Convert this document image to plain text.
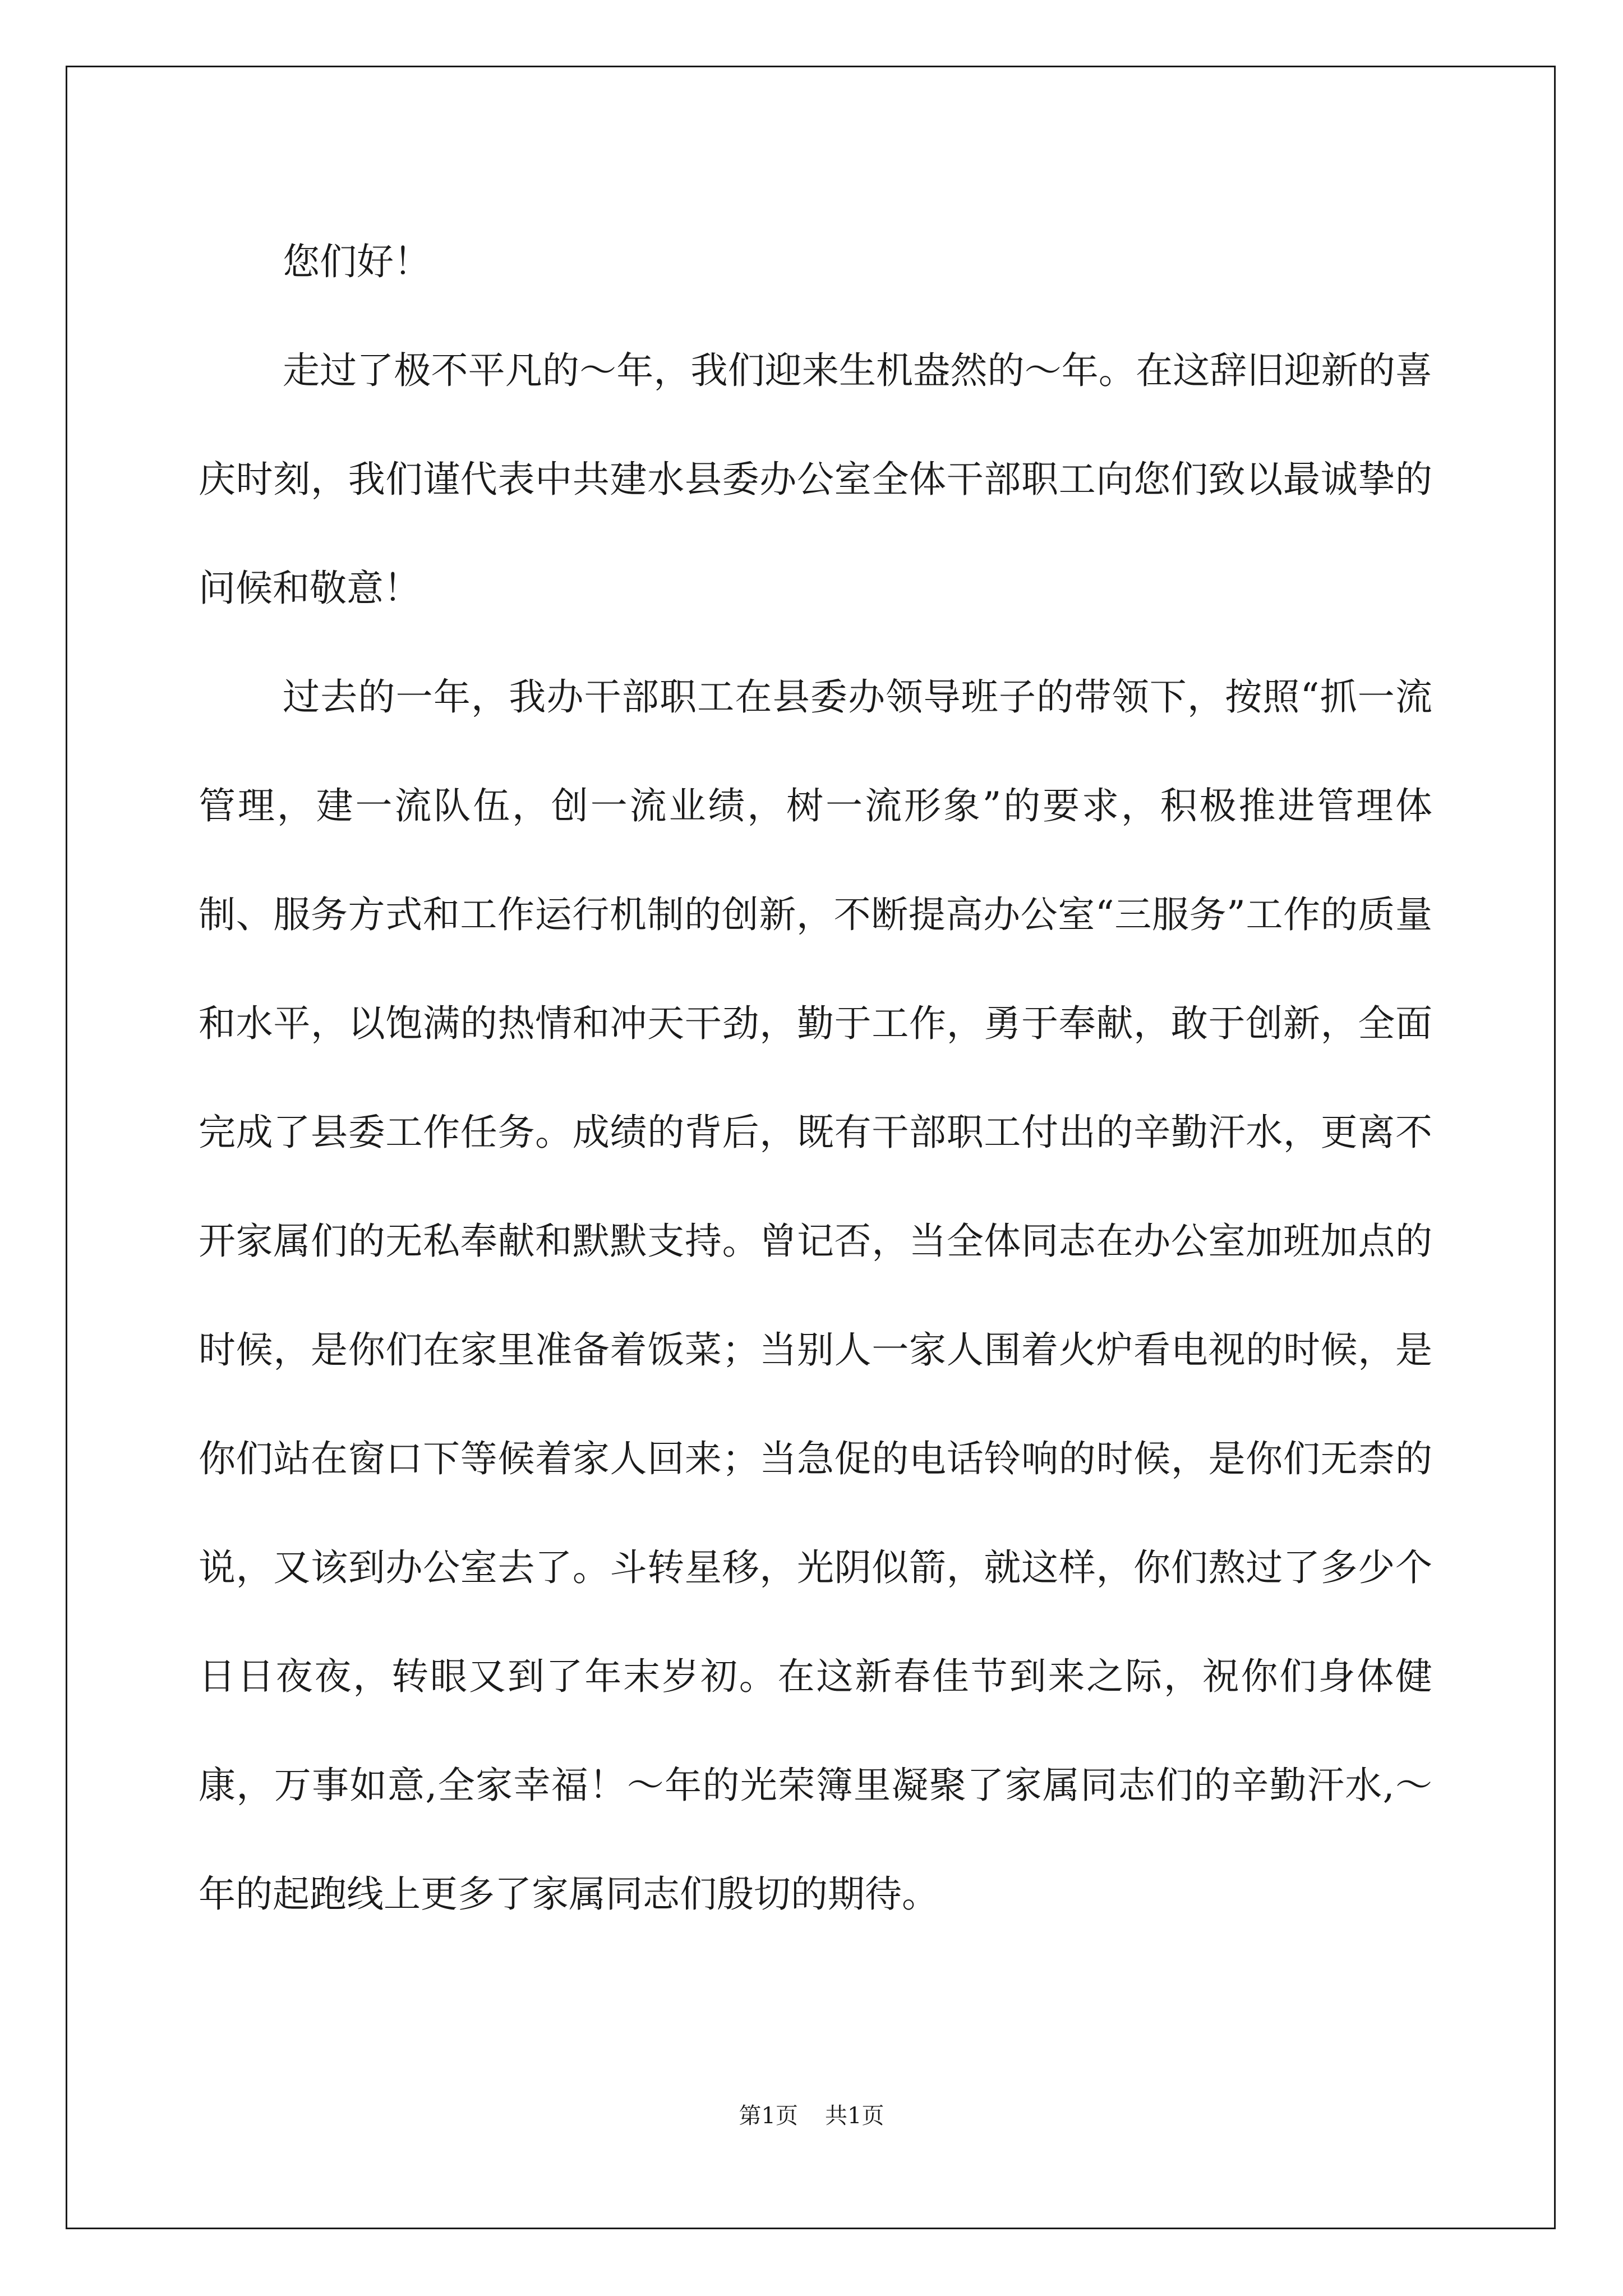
您们好！

走过了极不平凡的～年，我们迎来生机盎然的～年。在这辞旧迎新的喜庆时刻，我们谨代表中共建水县委办公室全体干部职工向您们致以最诚挚的问候和敬意！

过去的一年，我办干部职工在县委办领导班子的带领下，按照“抓一流管理，建一流队伍，创一流业绩，树一流形象”的要求，积极推进管理体制、服务方式和工作运行机制的创新，不断提高办公室“三服务”工作的质量和水平，以饱满的热情和冲天干劲，勤于工作，勇于奉献，敢于创新，全面完成了县委工作任务。成绩的背后，既有干部职工付出的辛勤汗水，更离不开家属们的无私奉献和默默支持。曾记否，当全体同志在办公室加班加点的时候，是你们在家里准备着饭菜；当别人一家人围着火炉看电视的时候，是你们站在窗口下等候着家人回来；当急促的电话铃响的时候，是你们无柰的说，又该到办公室去了。斗转星移，光阴似箭，就这样，你们熬过了多少个日日夜夜，转眼又到了年末岁初。在这新春佳节到来之际，祝你们身体健康，万事如意,全家幸福！～年的光荣簿里凝聚了家属同志们的辛勤汗水,～年的起跑线上更多了家属同志们殷切的期待。

第1页 共1页
